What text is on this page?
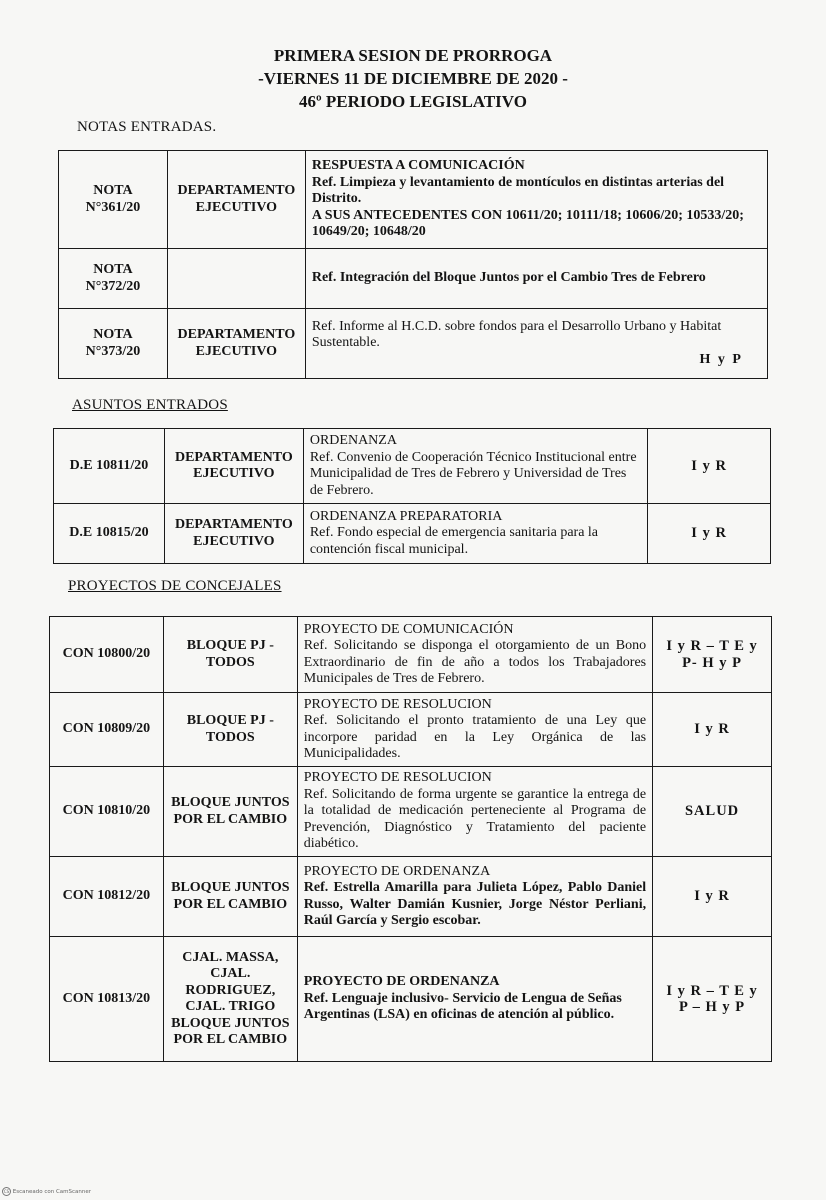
PRIMERA SESION DE PRORROGA
-VIERNES 11 DE DICIEMBRE DE 2020 -
46º PERIODO LEGISLATIVO
NOTAS ENTRADAS.
NOTA N°361/20	DEPARTAMENTO EJECUTIVO	RESPUESTA A COMUNICACIÓN
Ref. Limpieza y levantamiento de montículos en distintas arterias del Distrito.
A SUS ANTECEDENTES CON 10611/20; 10111/18; 10606/20; 10533/20; 10649/20; 10648/20

NOTA N°372/20		Ref. Integración del Bloque Juntos por el Cambio Tres de Febrero

NOTA N°373/20	DEPARTAMENTO EJECUTIVO	Ref. Informe al H.C.D. sobre fondos para el Desarrollo Urbano y Habitat Sustentable.
H y P
ASUNTOS ENTRADOS
D.E 10811/20	DEPARTAMENTO EJECUTIVO	ORDENANZA
Ref. Convenio de Cooperación Técnico Institucional entre Municipalidad de Tres de Febrero y Universidad de Tres de Febrero.	I y R
D.E 10815/20	DEPARTAMENTO EJECUTIVO	ORDENANZA PREPARATORIA
Ref. Fondo especial de emergencia sanitaria para la contención fiscal municipal.	I y R
PROYECTOS DE CONCEJALES
CON 10800/20	BLOQUE PJ - TODOS	PROYECTO DE COMUNICACIÓN
Ref. Solicitando se disponga el otorgamiento de un Bono Extraordinario de fin de año a todos los Trabajadores Municipales de Tres de Febrero.	I y R – T E y P- H y P
CON 10809/20	BLOQUE PJ - TODOS	PROYECTO DE RESOLUCION
Ref. Solicitando el pronto tratamiento de una Ley que incorpore paridad en la Ley Orgánica de las Municipalidades.	I y R
CON 10810/20	BLOQUE JUNTOS POR EL CAMBIO	PROYECTO DE RESOLUCION
Ref. Solicitando de forma urgente se garantice la entrega de la totalidad de medicación perteneciente al Programa de Prevención, Diagnóstico y Tratamiento del paciente diabético.	SALUD
CON 10812/20	BLOQUE JUNTOS POR EL CAMBIO	PROYECTO DE ORDENANZA
Ref. Estrella Amarilla para Julieta López, Pablo Daniel Russo, Walter Damián Kusnier, Jorge Néstor Perliani, Raúl García y Sergio escobar.	I y R
CON 10813/20	CJAL. MASSA, CJAL. RODRIGUEZ, CJAL. TRIGO BLOQUE JUNTOS POR EL CAMBIO	PROYECTO DE ORDENANZA
Ref. Lenguaje inclusivo- Servicio de Lengua de Señas Argentinas (LSA) en oficinas de atención al público.	I y R – T E y P – H y P
CS Escaneado con CamScanner
